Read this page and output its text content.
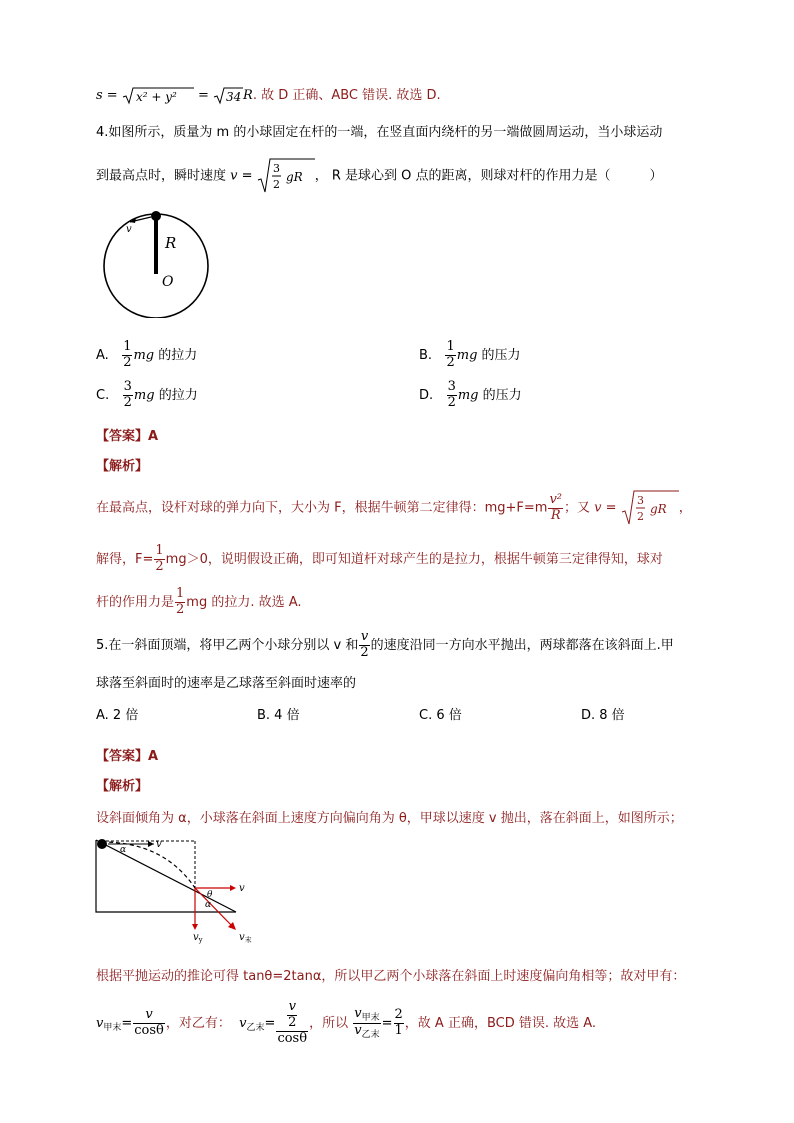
s = x² + y² = 34 R. 故 D 正确、ABC 错误. 故选 D.
4.如图所示，质量为 m 的小球固定在杆的一端，在竖直面内绕杆的另一端做圆周运动，当小球运动
到最高点时，瞬时速度 v = 3
2
gR ， R 是球心到 O 点的距离，则球对杆的作用力是（　　　）
v
R
O
A. $\frac{1}{2}$ mg 的拉力	B. $\frac{1}{2}$ mg 的压力
C. $\frac{3}{2}$ mg 的拉力	D. $\frac{3}{2}$ mg 的压力
【答案】A
【解析】
在最高点，设杆对球的弹力向下，大小为 F，根据牛顿第二定律得：$mg+F=m \frac{\text{v²}}{R}$ ；又 v = 3
2
gR ，
解得，$F= \frac{1}{2} mg>0$，说明假设正确，即可知道杆对球产生的是拉力，根据牛顿第三定律得知，球对
杆的作用力是 $\frac{1}{2}$ mg 的拉力. 故选 A.
5.在一斜面顶端，将甲乙两个小球分别以 v 和 $\frac{v}{2}$ 的速度沿同一方向水平抛出，两球都落在该斜面上.甲
球落至斜面时的速率是乙球落至斜面时速率的
A. 2 倍	B. 4 倍	C. 6 倍	D. 8 倍
【答案】A
【解析】
设斜面倾角为 α，小球落在斜面上速度方向偏向角为 θ，甲球以速度 v 抛出，落在斜面上，如图所示；
v
α
v
$v_y$	$v_末$
θ
α
根据平抛运动的推论可得 tanθ=2tanα，所以甲乙两个小球落在斜面上时速度偏向角相等；故对甲有：
$v_{甲末}= \frac{v}{\cos\theta}$ ，对乙有： $v_{乙末}= \frac{\frac{v}{2}}{\cos\theta}$ ，所以 $\frac{v_{甲末}}{v_{乙末}} = \frac{2}{1}$ ，故 A 正确，BCD 错误. 故选 A.
